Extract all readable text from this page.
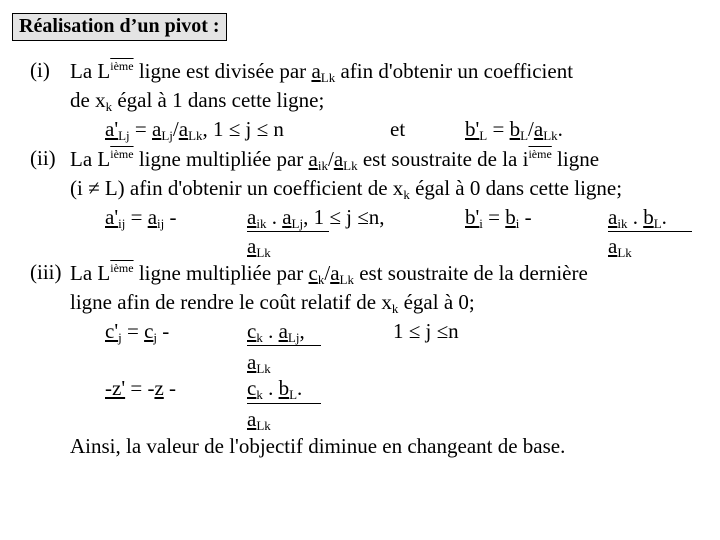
Réalisation d’un pivot :
(i) La Lième ligne est divisée par $a_{Lk}$ afin d'obtenir un coefficient
de $x_k$ égal à 1 dans cette ligne;
$a'_{Lj} = a_{Lj}/a_{Lk}$, 1 ≤ j ≤ n	et	$b'_L = b_L/a_{Lk}$.
(ii) La Lième ligne multipliée par $a_{ik}/a_{Lk}$ est soustraite de la $i^{ième}$ ligne
(i ≠ L) afin d'obtenir un coefficient de $x_k$ égal à 0 dans cette ligne;
$a'_{ij} = a_{ij}$ -	$a_{ik}$ . $a_{Lj}$, 1 ≤ j ≤n,
$a_{Lk}$
$b'_i = b_i$ -	$a_{ik}$ . $b_L$.
$a_{Lk}$
(iii) La Lième ligne multipliée par $c_k/a_{Lk}$ est soustraite de la dernière
ligne afin de rendre le coût relatif de $x_k$ égal à 0;
$c'_j = c_j$ -	$c_k$ . $a_{Lj}$,	1 ≤ j ≤n
$a_{Lk}$
-z' = -z -	$c_k$ . $b_L$.
$a_{Lk}$
Ainsi, la valeur de l'objectif diminue en changeant de base.
